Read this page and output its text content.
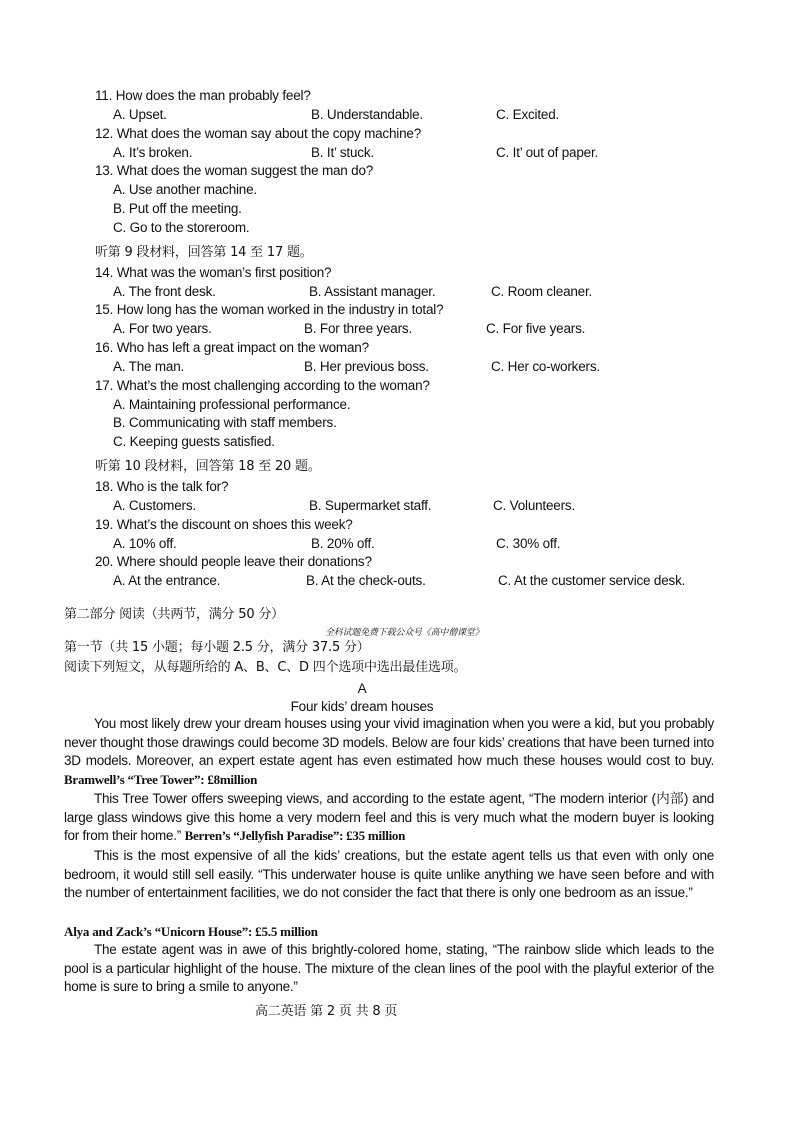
11. How does the man probably feel?
A. Upset.	B. Understandable.	C. Excited.
12. What does the woman say about the copy machine?
A. It’s broken.	B. It’ stuck.	C. It’ out of paper.
13. What does the woman suggest the man do?
A. Use another machine.
B. Put off the meeting.
C. Go to the storeroom.
听第 9 段材料，回答第 14 至 17 题。
14. What was the woman’s first position?
A. The front desk.	B. Assistant manager.	C. Room cleaner.
15. How long has the woman worked in the industry in total?
A. For two years.	B. For three years.	C. For five years.
16. Who has left a great impact on the woman?
A. The man.	B. Her previous boss.	C. Her co-workers.
17. What’s the most challenging according to the woman?
A. Maintaining professional performance.
B. Communicating with staff members.
C. Keeping guests satisfied.
听第 10 段材料，回答第 18 至 20 题。
18. Who is the talk for?
A. Customers.	B. Supermarket staff.	C. Volunteers.
19. What’s the discount on shoes this week?
A. 10% off.	B. 20% off.	C. 30% off.
20. Where should people leave their donations?
A. At the entrance.	B. At the check-outs.	C. At the customer service desk.
第二部分 阅读（共两节，满分 50 分）
全科试题免费下载公众号《高中僧课堂》
第一节（共 15 小题；每小题 2.5 分，满分 37.5 分）
阅读下列短文，从每题所给的 A、B、C、D 四个选项中选出最佳选项。
A
Four kids’ dream houses
You most likely drew your dream houses using your vivid imagination when you were a kid, but you probably never thought those drawings could become 3D models. Below are four kids’ creations that have been turned into 3D models. Moreover, an expert estate agent has even estimated how much these houses would cost to buy. Bramwell’s “Tree Tower”: £8million
This Tree Tower offers sweeping views, and according to the estate agent, “The modern interior (内部) and large glass windows give this home a very modern feel and this is very much what the modern buyer is looking for from their home.” Berren’s “Jellyfish Paradise”: £35 million
This is the most expensive of all the kids’ creations, but the estate agent tells us that even with only one bedroom, it would still sell easily. “This underwater house is quite unlike anything we have seen before and with the number of entertainment facilities, we do not consider the fact that there is only one bedroom as an issue.”
Alya and Zack’s “Unicorn House”: £5.5 million
The estate agent was in awe of this brightly-colored home, stating, “The rainbow slide which leads to the pool is a particular highlight of the house. The mixture of the clean lines of the pool with the playful exterior of the home is sure to bring a smile to anyone.”
高二英语 第 2 页 共 8 页
